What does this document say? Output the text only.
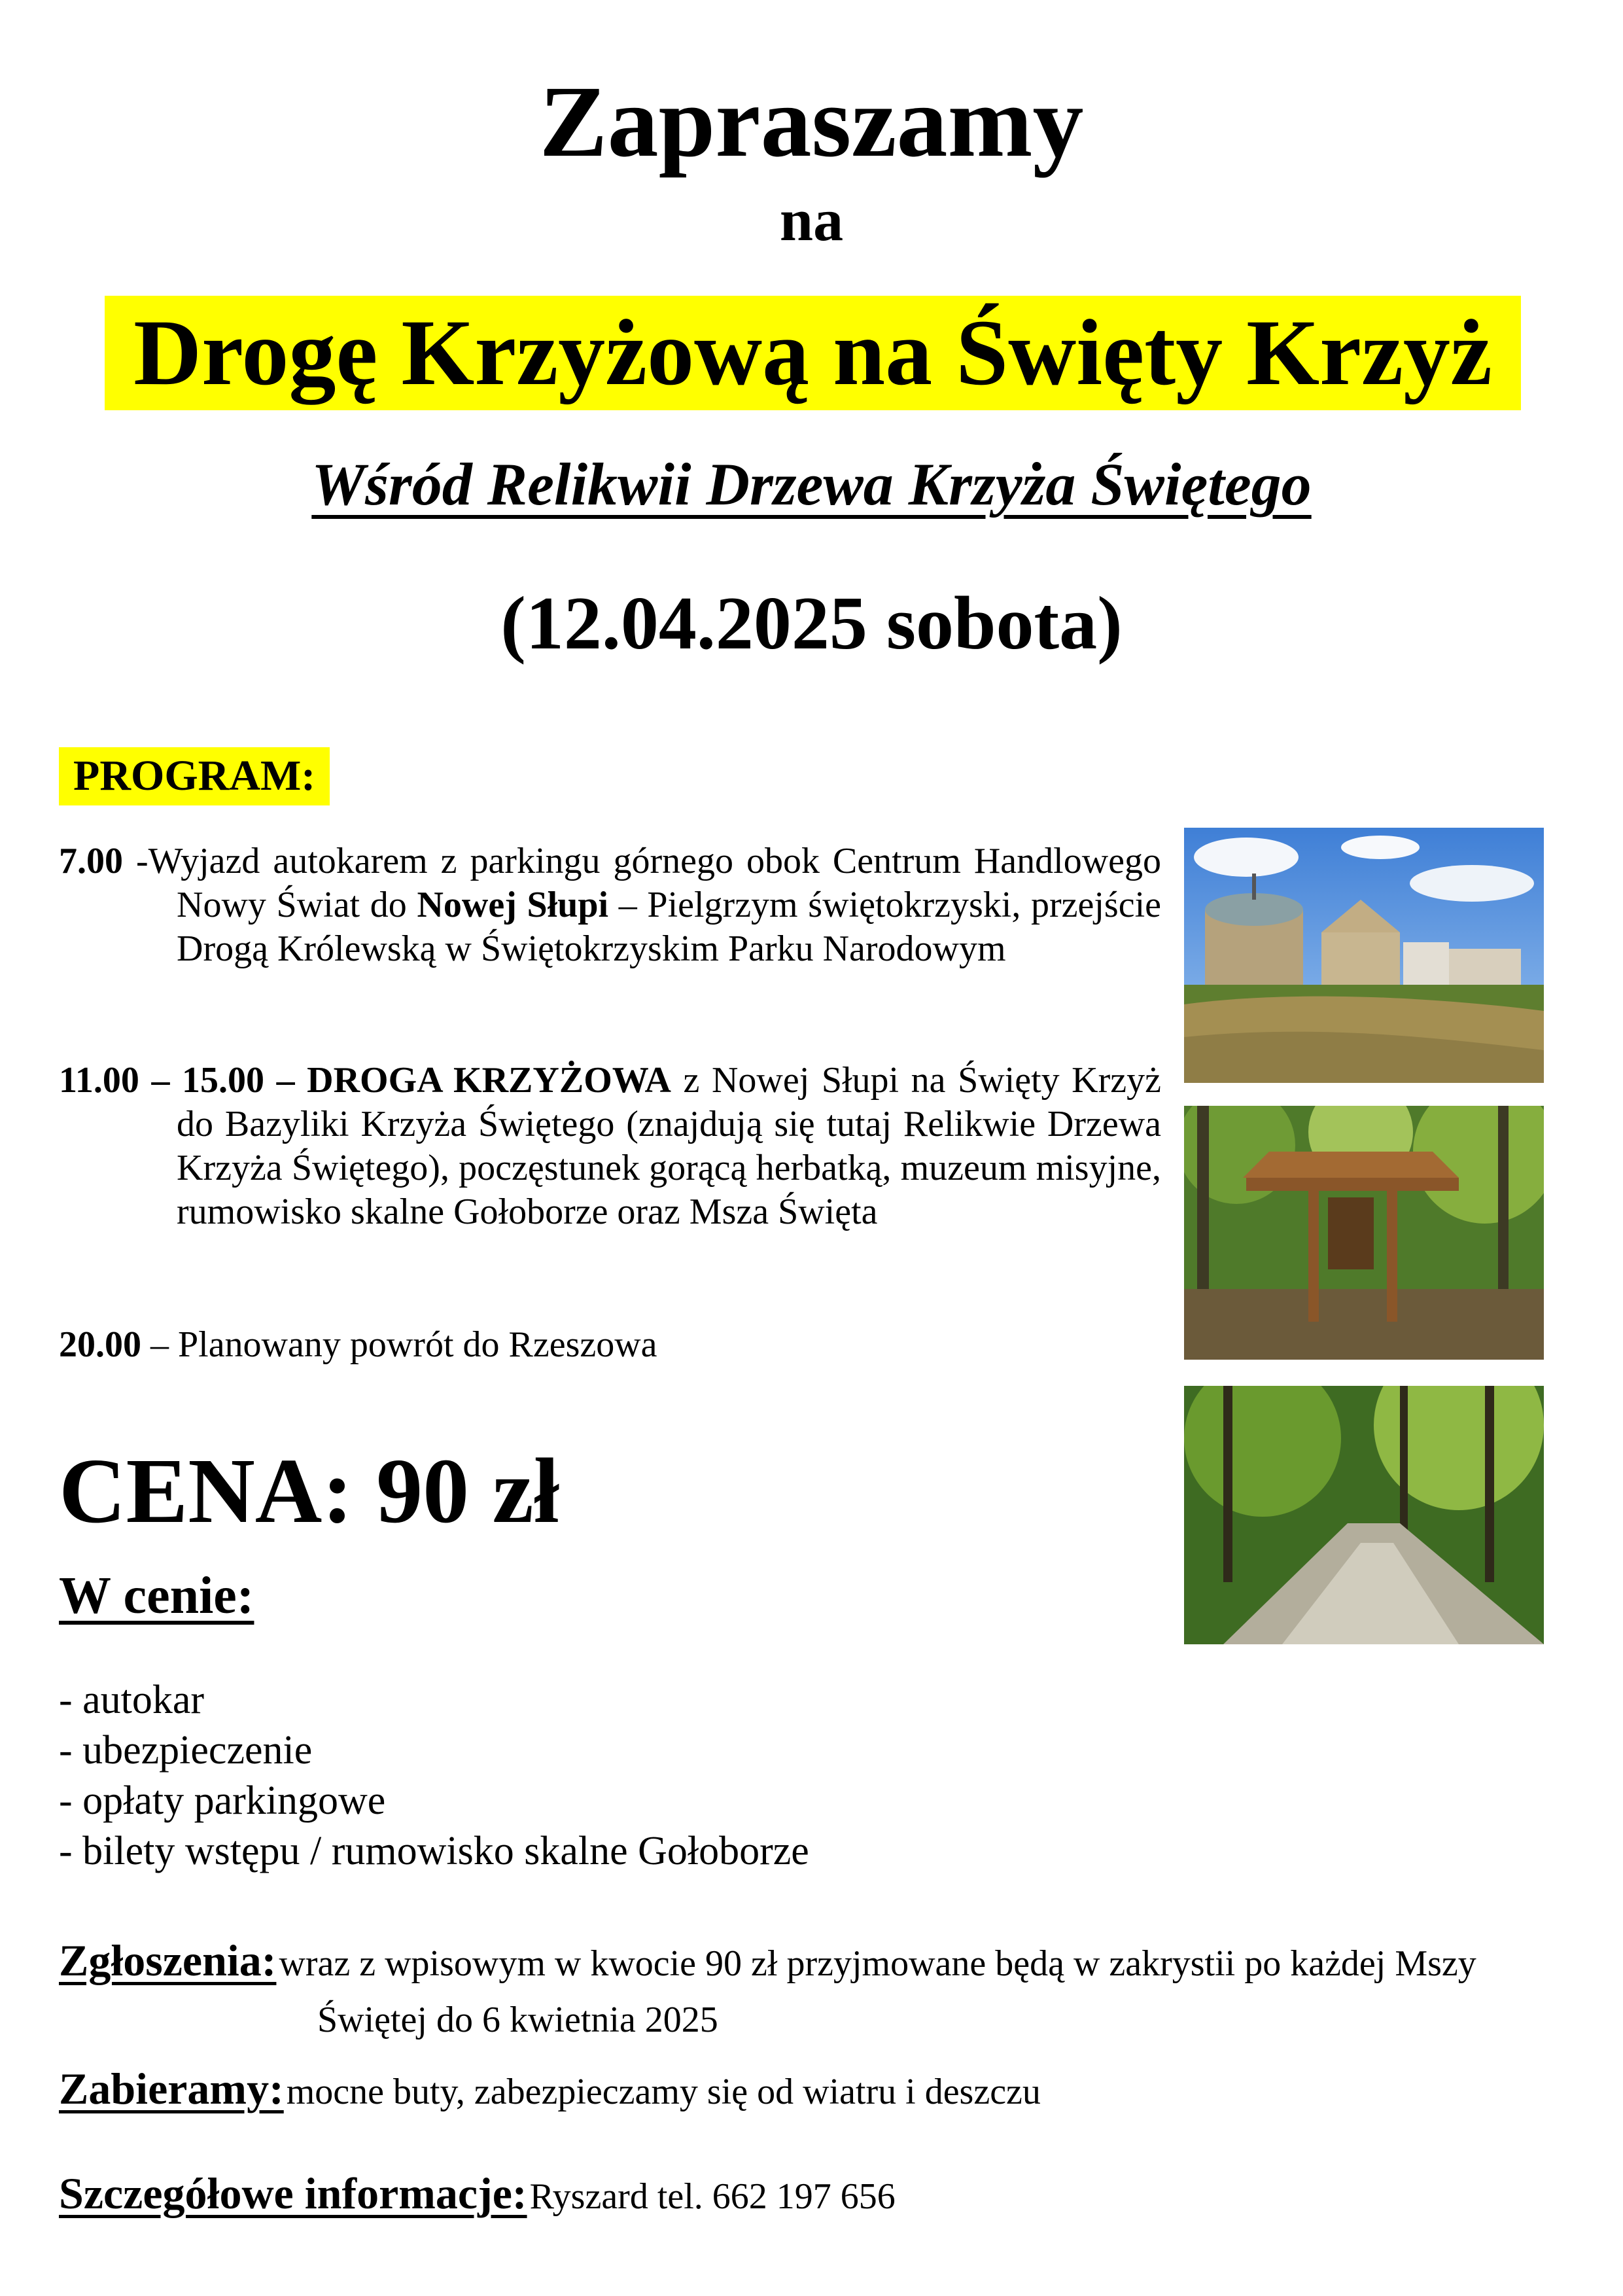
Zapraszamy
na
Drogę Krzyżową na Święty Krzyż
Wśród Relikwii Drzewa Krzyża Świętego
(12.04.2025 sobota)
PROGRAM:
7.00 -Wyjazd autokarem z parkingu górnego obok Centrum Handlowego Nowy Świat do Nowej Słupi – Pielgrzym świętokrzyski, przejście Drogą Królewską w Świętokrzyskim Parku Narodowym
11.00 – 15.00 – DROGA KRZYŻOWA z Nowej Słupi na Święty Krzyż do Bazyliki Krzyża Świętego (znajdują się tutaj Relikwie Drzewa Krzyża Świętego), poczęstunek gorącą herbatką, muzeum misyjne, rumowisko skalne Gołoborze oraz Msza Święta
20.00 – Planowany powrót do Rzeszowa
CENA: 90 zł
W cenie:
- autokar
- ubezpieczenie
- opłaty parkingowe
- bilety wstępu / rumowisko skalne Gołoborze
Zgłoszenia: wraz z wpisowym w kwocie 90 zł przyjmowane będą w zakrystii po każdej Mszy
Świętej do 6 kwietnia 2025
Zabieramy: mocne buty, zabezpieczamy się od wiatru i deszczu
Szczegółowe informacje: Ryszard tel. 662 197 656
